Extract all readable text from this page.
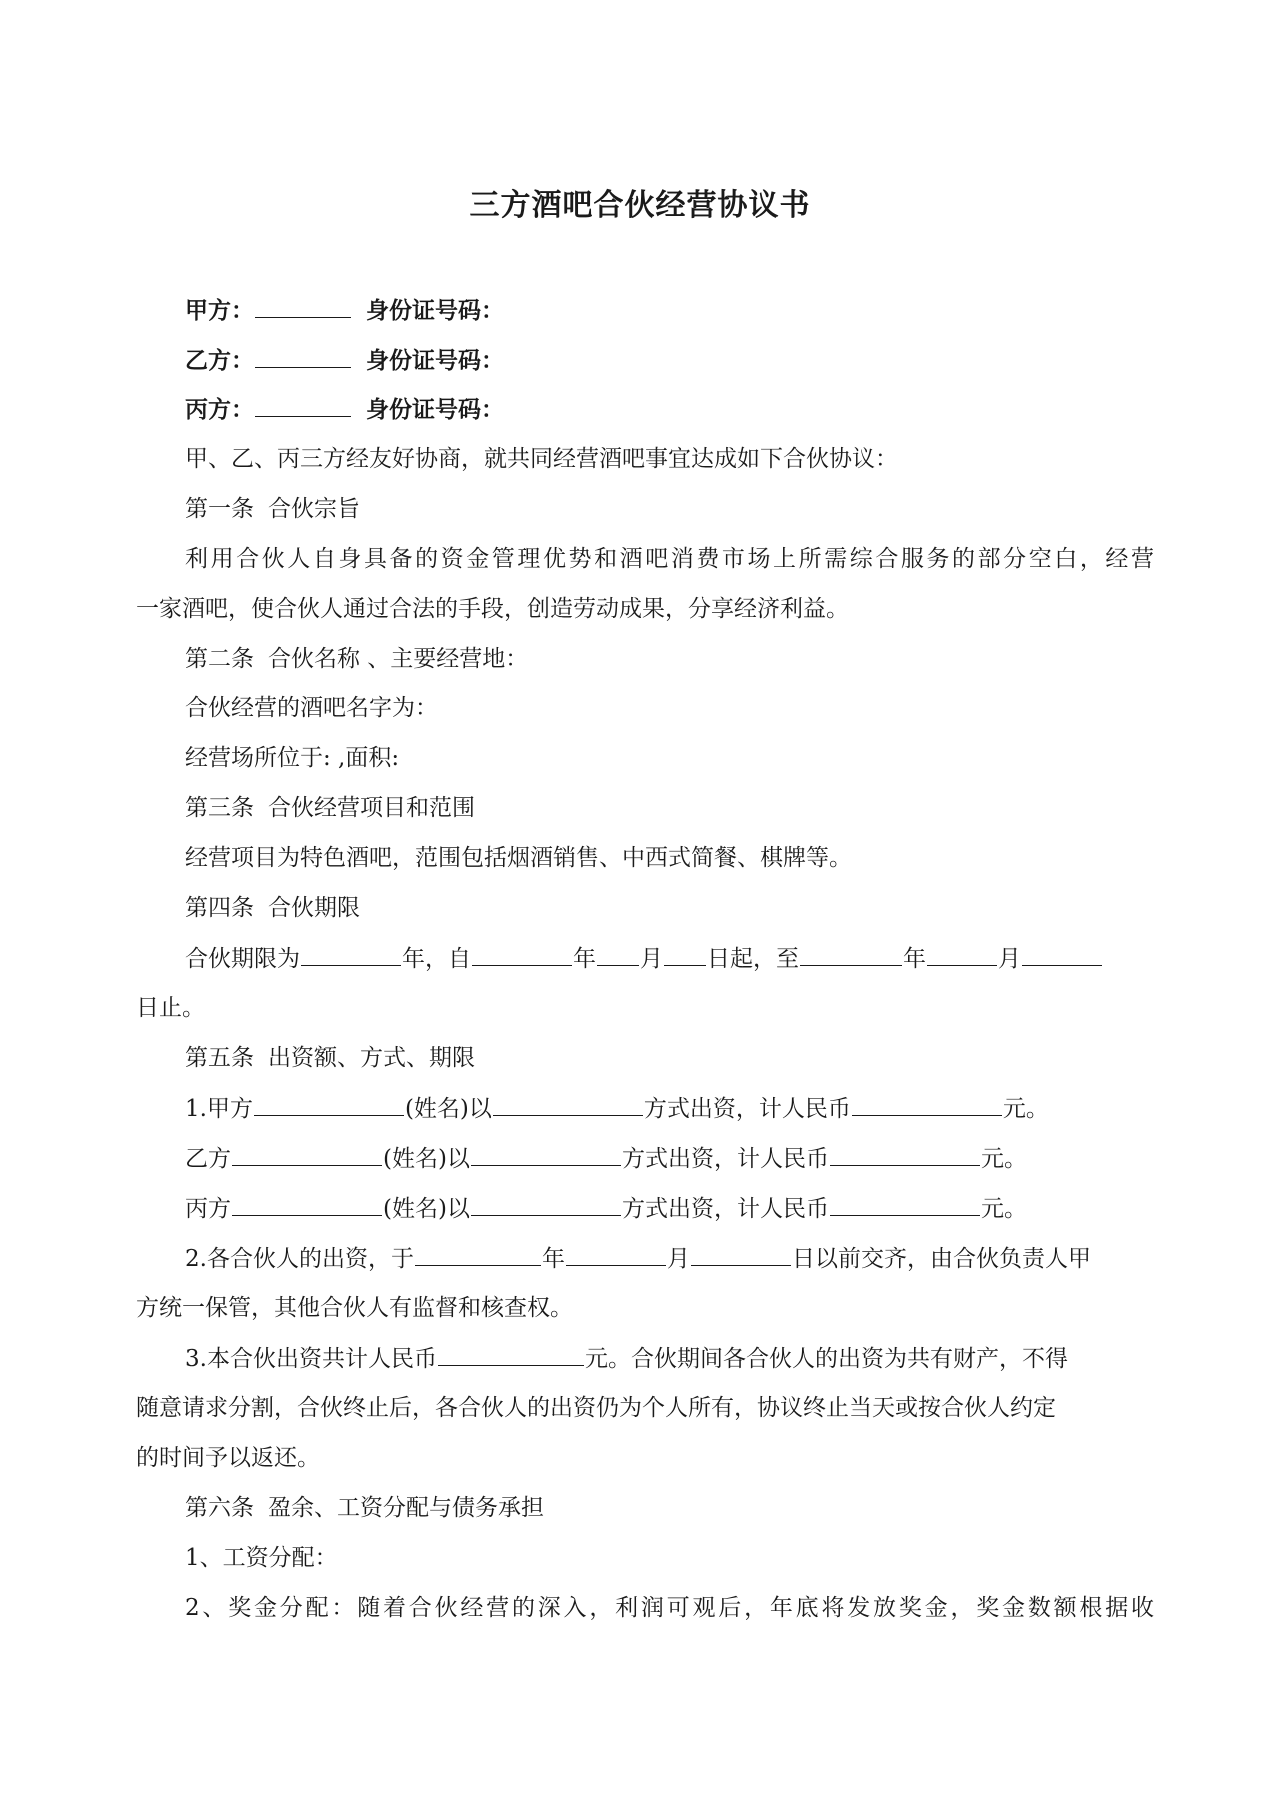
三方酒吧合伙经营协议书

甲方：	身份证号码：

乙方：	身份证号码：

丙方：	身份证号码：

甲、乙、丙三方经友好协商，就共同经营酒吧事宜达成如下合伙协议：

第一条 合伙宗旨

利用合伙人自身具备的资金管理优势和酒吧消费市场上所需综合服务的部分空白，经营

一家酒吧，使合伙人通过合法的手段，创造劳动成果，分享经济利益。

第二条 合伙名称 、主要经营地：

合伙经营的酒吧名字为：

经营场所位于: ,面积:

第三条 合伙经营项目和范围

经营项目为特色酒吧，范围包括烟酒销售、中西式简餐、棋牌等。

第四条 合伙期限

合伙期限为	年，自	年 月 日起，至	年	月

日止。

第五条 出资额、方式、期限

1.甲方	(姓名)以	方式出资，计人民币	元。

乙方	(姓名)以	方式出资，计人民币	元。

丙方	(姓名)以	方式出资，计人民币	元。

2.各合伙人的出资，于	年	月	日以前交齐，由合伙负责人甲

方统一保管，其他合伙人有监督和核查权。

3.本合伙出资共计人民币	元。合伙期间各合伙人的出资为共有财产，不得

随意请求分割，合伙终止后，各合伙人的出资仍为个人所有，协议终止当天或按合伙人约定

的时间予以返还。

第六条 盈余、工资分配与债务承担

1、工资分配：

2、奖金分配：随着合伙经营的深入，利润可观后，年底将发放奖金，奖金数额根据收
